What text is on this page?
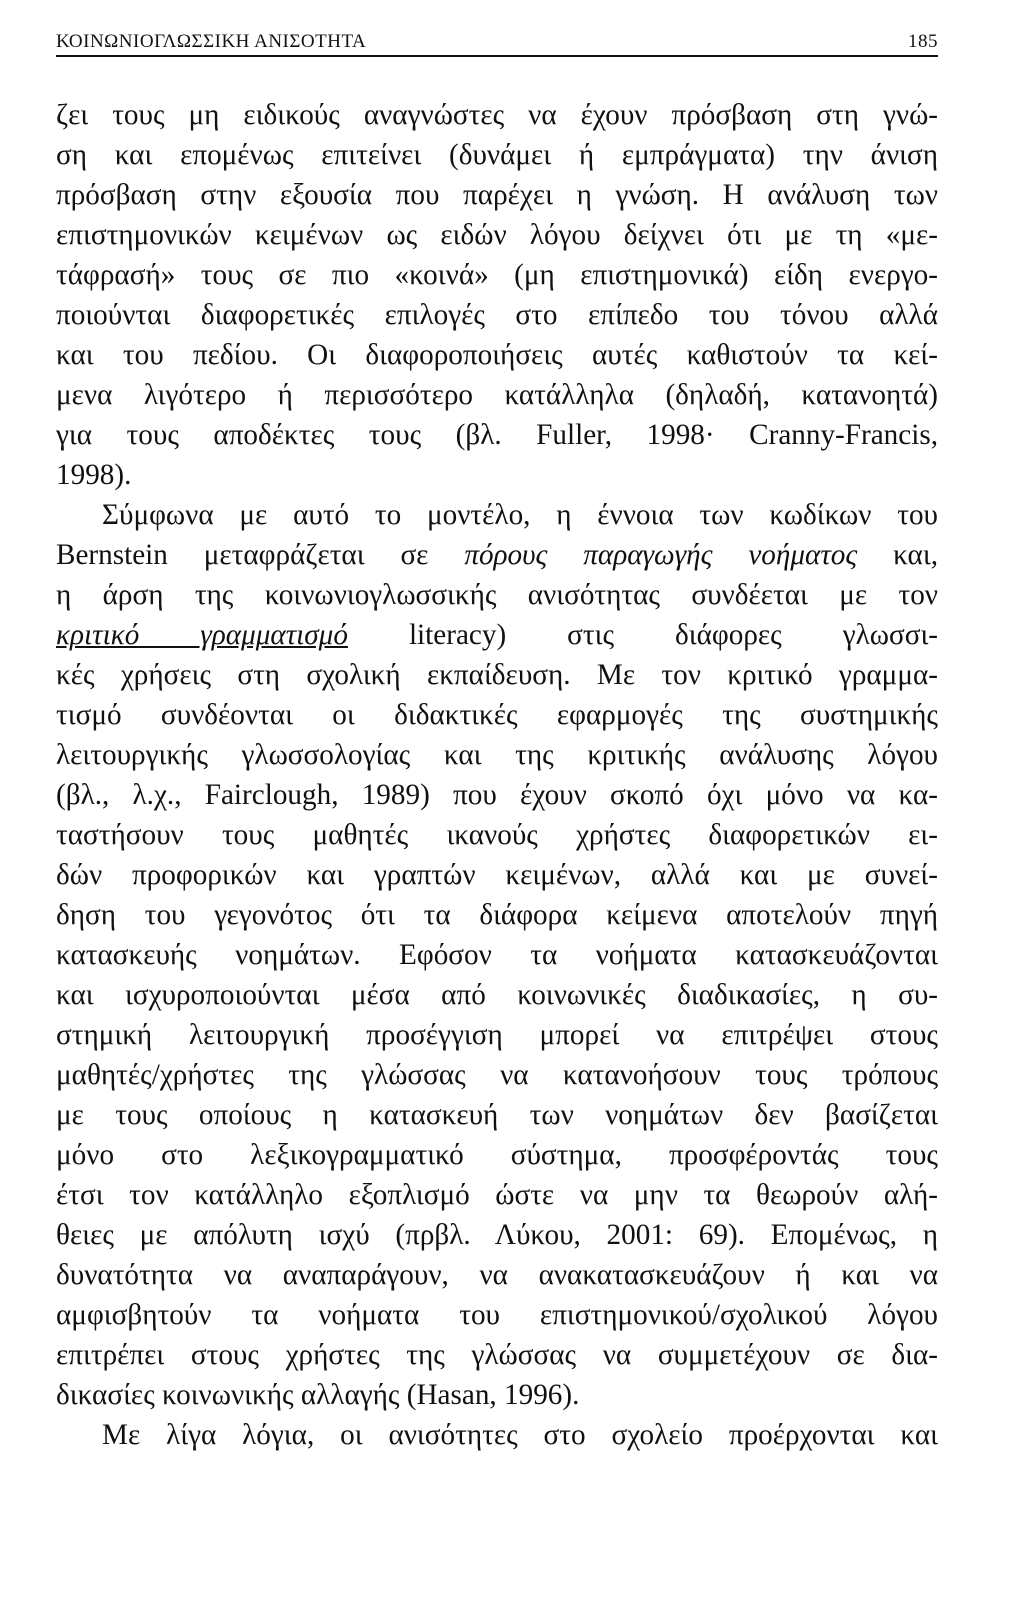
ΚΟΙΝΩΝΙΟΓΛΩΣΣΙΚΗ ΑΝΙΣΟΤΗΤΑ	185
ζει τους μη ειδικούς αναγνώστες να έχουν πρόσβαση στη γνώ-
ση και επομένως επιτείνει (δυνάμει ή εμπράγματα) την άνιση
πρόσβαση στην εξουσία που παρέχει η γνώση. Η ανάλυση των
επιστημονικών κειμένων ως ειδών λόγου δείχνει ότι με τη «με-
τάφρασή» τους σε πιο «κοινά» (μη επιστημονικά) είδη ενεργο-
ποιούνται διαφορετικές επιλογές στο επίπεδο του τόνου αλλά
και του πεδίου. Οι διαφοροποιήσεις αυτές καθιστούν τα κεί-
μενα λιγότερο ή περισσότερο κατάλληλα (δηλαδή, κατανοητά)
για τους αποδέκτες τους (βλ. Fuller, 1998· Cranny-Francis,
1998).
Σύμφωνα με αυτό το μοντέλο, η έννοια των κωδίκων του
Bernstein μεταφράζεται σε πόρους παραγωγής νοήματος και,
η άρση της κοινωνιογλωσσικής ανισότητας συνδέεται με τον
κριτικό γραμματισμό literacy) στις διάφορες γλωσσι-
κές χρήσεις στη σχολική εκπαίδευση. Με τον κριτικό γραμμα-
τισμό συνδέονται οι διδακτικές εφαρμογές της συστημικής
λειτουργικής γλωσσολογίας και της κριτικής ανάλυσης λόγου
(βλ., λ.χ., Fairclough, 1989) που έχουν σκοπό όχι μόνο να κα-
ταστήσουν τους μαθητές ικανούς χρήστες διαφορετικών ει-
δών προφορικών και γραπτών κειμένων, αλλά και με συνεί-
δηση του γεγονότος ότι τα διάφορα κείμενα αποτελούν πηγή
κατασκευής νοημάτων. Εφόσον τα νοήματα κατασκευάζονται
και ισχυροποιούνται μέσα από κοινωνικές διαδικασίες, η συ-
στημική λειτουργική προσέγγιση μπορεί να επιτρέψει στους
μαθητές/χρήστες της γλώσσας να κατανοήσουν τους τρόπους
με τους οποίους η κατασκευή των νοημάτων δεν βασίζεται
μόνο στο λεξικογραμματικό σύστημα, προσφέροντάς τους
έτσι τον κατάλληλο εξοπλισμό ώστε να μην τα θεωρούν αλή-
θειες με απόλυτη ισχύ (πρβλ. Λύκου, 2001: 69). Επομένως, η
δυνατότητα να αναπαράγουν, να ανακατασκευάζουν ή και να
αμφισβητούν τα νοήματα του επιστημονικού/σχολικού λόγου
επιτρέπει στους χρήστες της γλώσσας να συμμετέχουν σε δια-
δικασίες κοινωνικής αλλαγής (Hasan, 1996).
Με λίγα λόγια, οι ανισότητες στο σχολείο προέρχονται και
